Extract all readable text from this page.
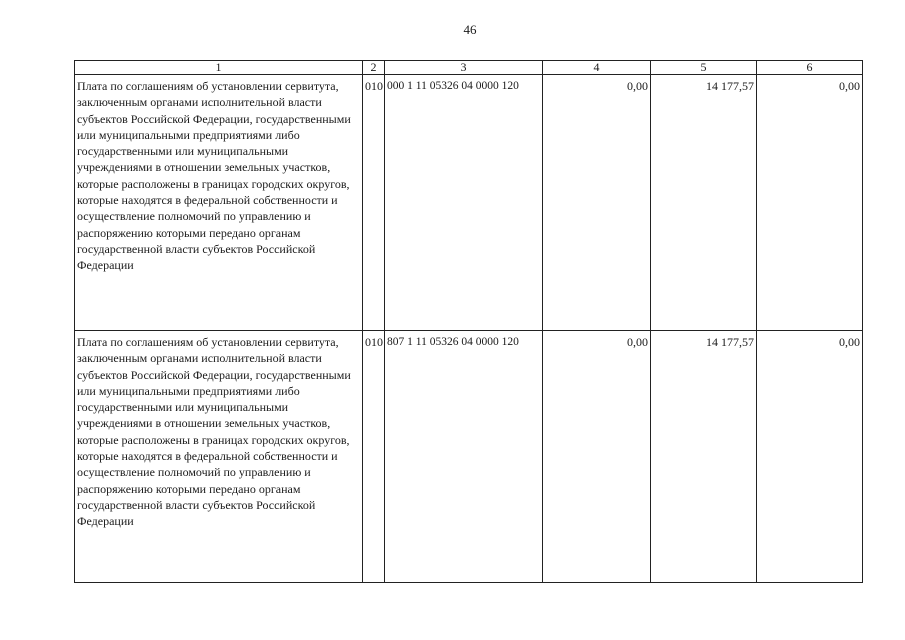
46
1	2	3	4	5	6
Плата по соглашениям об установлении сервитута, заключенным органами исполнительной власти субъектов Российской Федерации, государственными или муниципальными предприятиями либо государственными или муниципальными учреждениями в отношении земельных участков, которые расположены в границах городских округов, которые находятся в федеральной собственности и осуществление полномочий по управлению и распоряжению которыми передано органам государственной власти субъектов Российской Федерации	010	000 1 11 05326 04 0000 120	0,00	14 177,57	0,00
Плата по соглашениям об установлении сервитута, заключенным органами исполнительной власти субъектов Российской Федерации, государственными или муниципальными предприятиями либо государственными или муниципальными учреждениями в отношении земельных участков, которые расположены в границах городских округов, которые находятся в федеральной собственности и осуществление полномочий по управлению и распоряжению которыми передано органам государственной власти субъектов Российской Федерации	010	807 1 11 05326 04 0000 120	0,00	14 177,57	0,00
